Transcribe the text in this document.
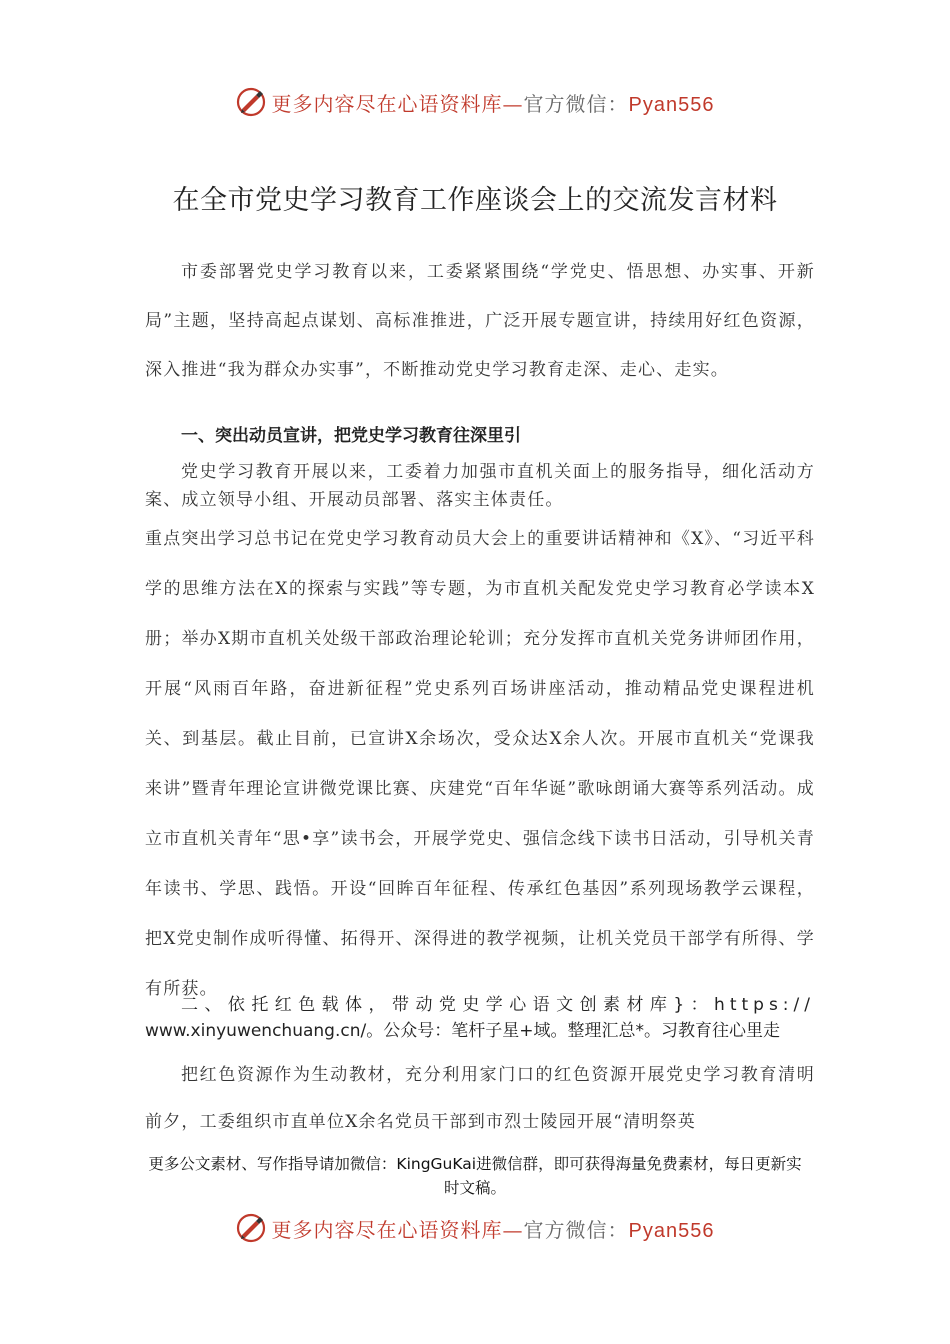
更多内容尽在心语资料库—官方微信：Pyan556
在全市党史学习教育工作座谈会上的交流发言材料

市委部署党史学习教育以来，工委紧紧围绕“学党史、悟思想、办实事、开新局”主题，坚持高起点谋划、高标准推进，广泛开展专题宣讲，持续用好红色资源，深入推进“我为群众办实事”，不断推动党史学习教育走深、走心、走实。

一、突出动员宣讲，把党史学习教育往深里引

党史学习教育开展以来，工委着力加强市直机关面上的服务指导，细化活动方案、成立领导小组、开展动员部署、落实主体责任。
重点突出学习总书记在党史学习教育动员大会上的重要讲话精神和《X》、“习近平科学的思维方法在X的探索与实践”等专题，为市直机关配发党史学习教育必学读本X册；举办X期市直机关处级干部政治理论轮训；充分发挥市直机关党务讲师团作用，开展“风雨百年路，奋进新征程”党史系列百场讲座活动，推动精品党史课程进机关、到基层。截止目前，已宣讲X余场次，受众达X余人次。开展市直机关“党课我来讲”暨青年理论宣讲微党课比赛、庆建党“百年华诞”歌咏朗诵大赛等系列活动。成立市直机关青年“思•享”读书会，开展学党史、强信念线下读书日活动，引导机关青年读书、学思、践悟。开设“回眸百年征程、传承红色基因”系列现场教学云课程，把X党史制作成听得懂、拓得开、深得进的教学视频，让机关党员干部学有所得、学有所获。

二、依托红色载体，带动党史学心语文创素材库}：https://
www.xinyuwenchuang.cn/。公众号：笔杆子星+域。整理汇总*。习教育往心里走

把红色资源作为生动教材，充分利用家门口的红色资源开展党史学习教育清明前夕，工委组织市直单位X余名党员干部到市烈士陵园开展“清明祭英

更多公文素材、写作指导请加微信：KingGuKai进微信群，即可获得海量免费素材，每日更新实时文稿。

更多内容尽在心语资料库—官方微信：Pyan556
